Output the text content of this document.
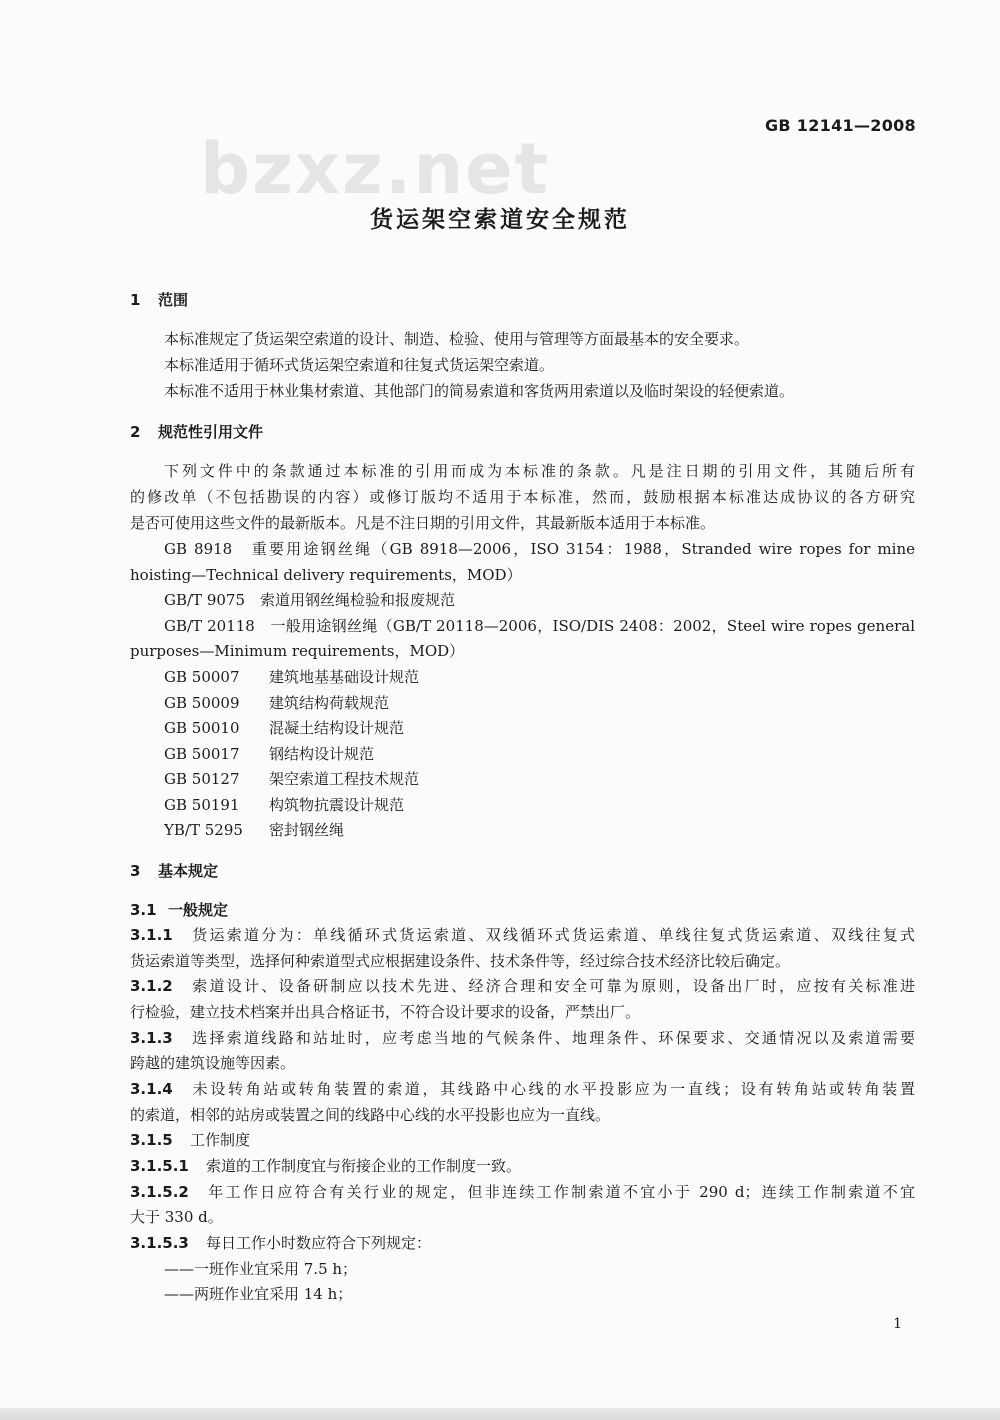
GB 12141—2008
bzxz.net
货运架空索道安全规范
1 范围
本标准规定了货运架空索道的设计、制造、检验、使用与管理等方面最基本的安全要求。
本标准适用于循环式货运架空索道和往复式货运架空索道。
本标准不适用于林业集材索道、其他部门的简易索道和客货两用索道以及临时架设的轻便索道。
2 规范性引用文件
下列文件中的条款通过本标准的引用而成为本标准的条款。凡是注日期的引用文件，其随后所有
的修改单（不包括勘误的内容）或修订版均不适用于本标准，然而，鼓励根据本标准达成协议的各方研究
是否可使用这些文件的最新版本。凡是不注日期的引用文件，其最新版本适用于本标准。
GB 8918　重要用途钢丝绳（GB 8918—2006，ISO 3154：1988，Stranded wire ropes for mine
hoisting—Technical delivery requirements，MOD）
GB/T 9075　索道用钢丝绳检验和报废规范
GB/T 20118　一般用途钢丝绳（GB/T 20118—2006，ISO/DIS 2408：2002，Steel wire ropes general
purposes—Minimum requirements，MOD）
GB 50007 建筑地基基础设计规范
GB 50009 建筑结构荷载规范
GB 50010 混凝土结构设计规范
GB 50017 钢结构设计规范
GB 50127 架空索道工程技术规范
GB 50191 构筑物抗震设计规范
YB/T 5295 密封钢丝绳
3 基本规定
3.1 一般规定
3.1.1 货运索道分为：单线循环式货运索道、双线循环式货运索道、单线往复式货运索道、双线往复式
货运索道等类型，选择何种索道型式应根据建设条件、技术条件等，经过综合技术经济比较后确定。
3.1.2 索道设计、设备研制应以技术先进、经济合理和安全可靠为原则，设备出厂时，应按有关标准进
行检验，建立技术档案并出具合格证书，不符合设计要求的设备，严禁出厂。
3.1.3 选择索道线路和站址时，应考虑当地的气候条件、地理条件、环保要求、交通情况以及索道需要
跨越的建筑设施等因素。
3.1.4 未设转角站或转角装置的索道，其线路中心线的水平投影应为一直线；设有转角站或转角装置
的索道，相邻的站房或装置之间的线路中心线的水平投影也应为一直线。
3.1.5 工作制度
3.1.5.1 索道的工作制度宜与衔接企业的工作制度一致。
3.1.5.2 年工作日应符合有关行业的规定，但非连续工作制索道不宜小于 290 d；连续工作制索道不宜
大于 330 d。
3.1.5.3 每日工作小时数应符合下列规定：
——一班作业宜采用 7.5 h；
——两班作业宜采用 14 h；
1
